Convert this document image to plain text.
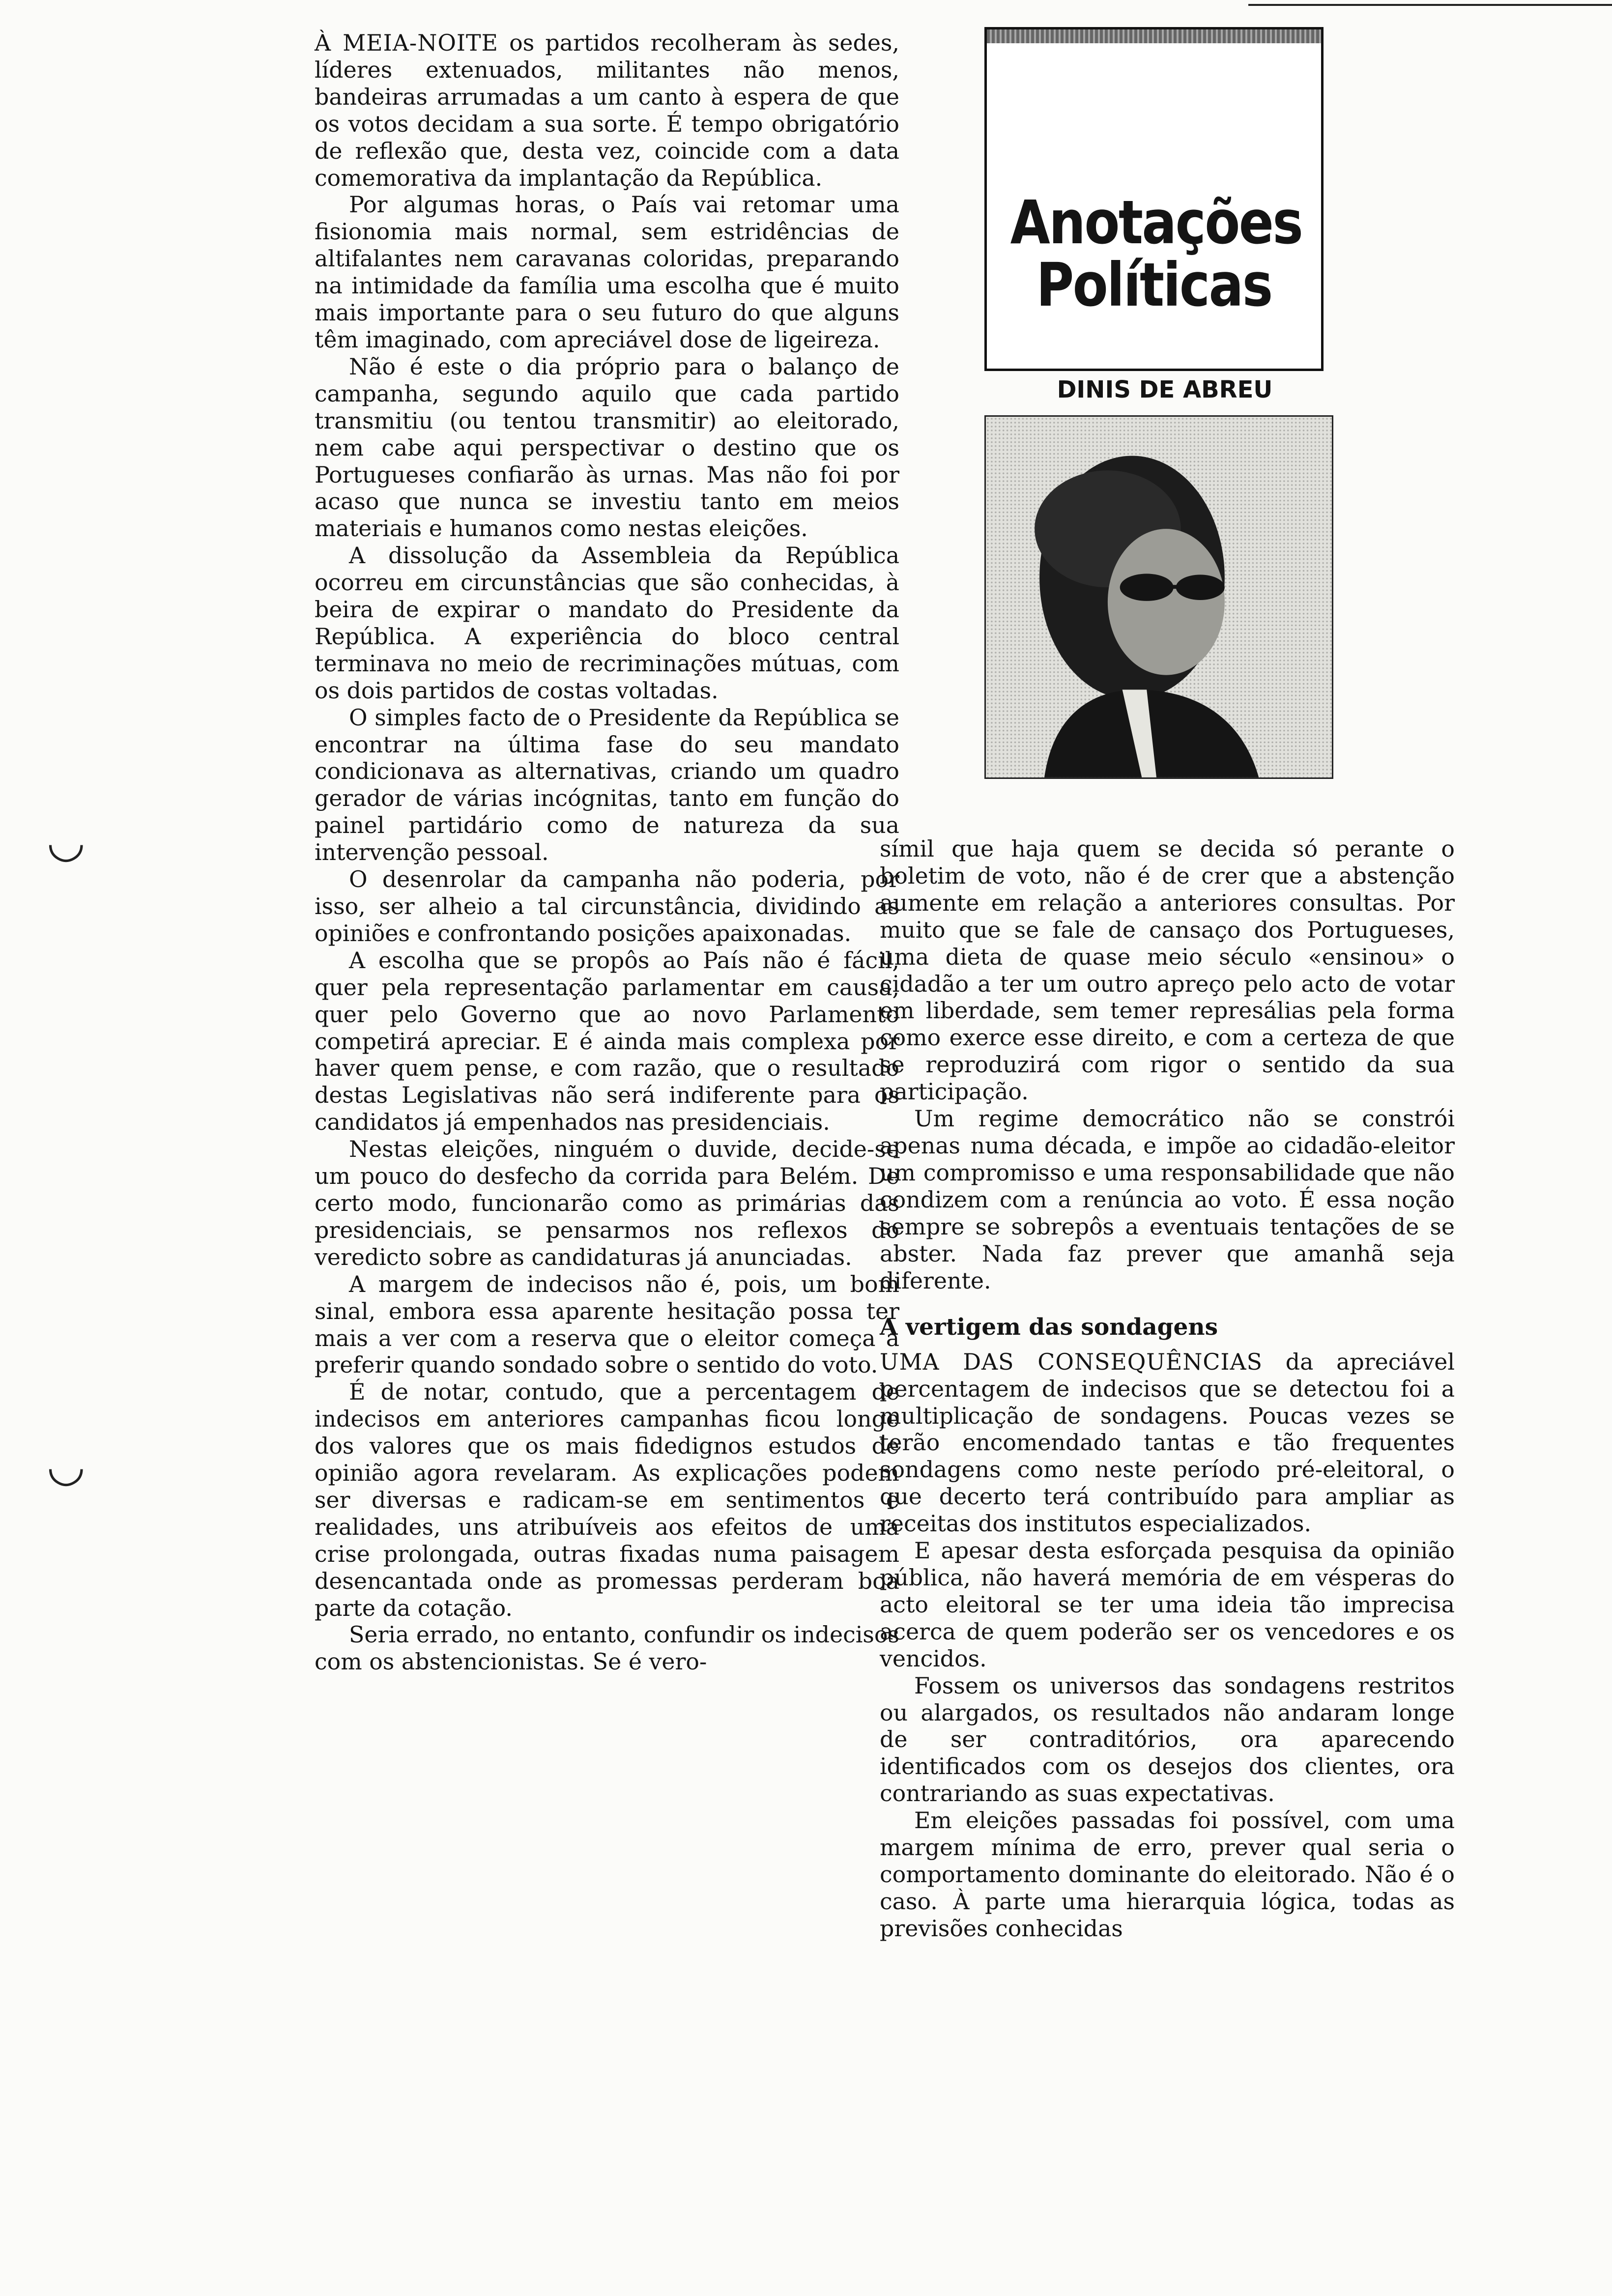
◡
◡

À MEIA-NOITE os partidos recolheram às sedes, líderes extenuados, militantes não menos, bandeiras arrumadas a um canto à espera de que os votos decidam a sua sorte. É tempo obrigatório de reflexão que, desta vez, coincide com a data comemorativa da implantação da República.

Por algumas horas, o País vai retomar uma fisionomia mais normal, sem estridências de altifalantes nem caravanas coloridas, preparando na intimidade da família uma escolha que é muito mais importante para o seu futuro do que alguns têm imaginado, com apreciável dose de ligeireza.

Não é este o dia próprio para o balanço de campanha, segundo aquilo que cada partido transmitiu (ou tentou transmitir) ao eleitorado, nem cabe aqui perspectivar o destino que os Portugueses confiarão às urnas. Mas não foi por acaso que nunca se investiu tanto em meios materiais e humanos como nestas eleições.

A dissolução da Assembleia da República ocorreu em circunstâncias que são conhecidas, à beira de expirar o mandato do Presidente da República. A experiência do bloco central terminava no meio de recriminações mútuas, com os dois partidos de costas voltadas.

O simples facto de o Presidente da República se encontrar na última fase do seu mandato condicionava as alternativas, criando um quadro gerador de várias incógnitas, tanto em função do painel partidário como de natureza da sua intervenção pessoal.

O desenrolar da campanha não poderia, por isso, ser alheio a tal circunstância, dividindo as opiniões e confrontando posições apaixonadas.

A escolha que se propôs ao País não é fácil, quer pela representação parlamentar em causa, quer pelo Governo que ao novo Parlamento competirá apreciar. E é ainda mais complexa por haver quem pense, e com razão, que o resultado destas Legislativas não será indiferente para os candidatos já empenhados nas presidenciais.

Nestas eleições, ninguém o duvide, decide-se um pouco do desfecho da corrida para Belém. De certo modo, funcionarão como as primárias das presidenciais, se pensarmos nos reflexos do veredicto sobre as candidaturas já anunciadas.

A margem de indecisos não é, pois, um bom sinal, embora essa aparente hesitação possa ter mais a ver com a reserva que o eleitor começa a preferir quando sondado sobre o sentido do voto.

É de notar, contudo, que a percentagem de indecisos em anteriores campanhas ficou longe dos valores que os mais fidedignos estudos de opinião agora revelaram. As explicações podem ser diversas e radicam-se em sentimentos e realidades, uns atribuíveis aos efeitos de uma crise prolongada, outras fixadas numa paisagem desencantada onde as promessas perderam boa parte da cotação.

Seria errado, no entanto, confundir os indecisos com os abstencionistas. Se é vero-

Anotações
Políticas
DINIS DE ABREU

símil que haja quem se decida só perante o boletim de voto, não é de crer que a abstenção aumente em relação a anteriores consultas. Por muito que se fale de cansaço dos Portugueses, uma dieta de quase meio século «ensinou» o cidadão a ter um outro apreço pelo acto de votar em liberdade, sem temer represálias pela forma como exerce esse direito, e com a certeza de que se reproduzirá com rigor o sentido da sua participação.

Um regime democrático não se constrói apenas numa década, e impõe ao cidadão-eleitor um compromisso e uma responsabilidade que não condizem com a renúncia ao voto. É essa noção sempre se sobrepôs a eventuais tentações de se abster. Nada faz prever que amanhã seja diferente.

A vertigem das sondagens

UMA DAS CONSEQUÊNCIAS da apreciável percentagem de indecisos que se detectou foi a multiplicação de sondagens. Poucas vezes se terão encomendado tantas e tão frequentes sondagens como neste período pré-eleitoral, o que decerto terá contribuído para ampliar as receitas dos institutos especializados.

E apesar desta esforçada pesquisa da opinião pública, não haverá memória de em vésperas do acto eleitoral se ter uma ideia tão imprecisa acerca de quem poderão ser os vencedores e os vencidos.

Fossem os universos das sondagens restritos ou alargados, os resultados não andaram longe de ser contraditórios, ora aparecendo identificados com os desejos dos clientes, ora contrariando as suas expectativas.

Em eleições passadas foi possível, com uma margem mínima de erro, prever qual seria o comportamento dominante do eleitorado. Não é o caso. À parte uma hierarquia lógica, todas as previsões conhecidas
